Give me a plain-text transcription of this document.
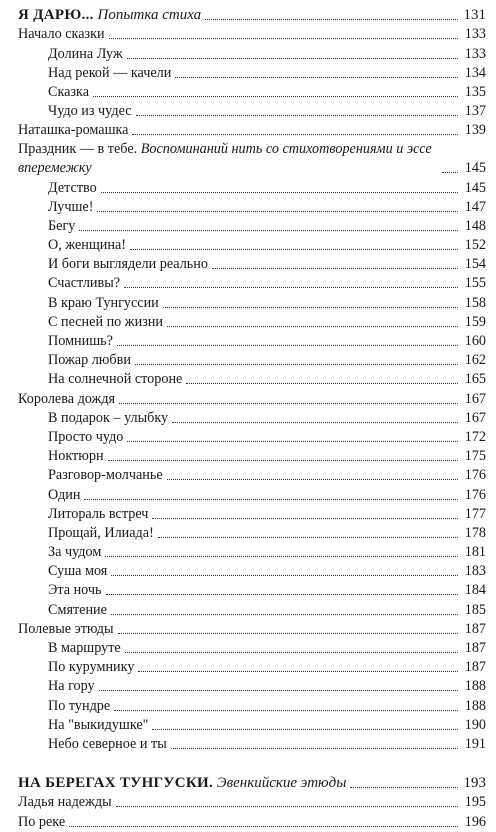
Я ДАРЮ... Попытка стиха	131
Начало сказки	133
Долина Луж	133
Над рекой — качели	134
Сказка	135
Чудо из чудес	137
Наташка-ромашка	139
Праздник — в тебе. Воспоминаний нить со стихотворениями и эссе вперемежку	145
Детство	145
Лучше!	147
Бегу	148
О, женщина!	152
И боги выглядели реально	154
Счастливы?	155
В краю Тунгуссии	158
С песней по жизни	159
Помнишь?	160
Пожар любви	162
На солнечной стороне	165
Королева дождя	167
В подарок – улыбку	167
Просто чудо	172
Ноктюрн	175
Разговор-молчанье	176
Один	176
Литораль встреч	177
Прощай, Илиада!	178
За чудом	181
Суша моя	183
Эта ночь	184
Смятение	185
Полевые этюды	187
В маршруте	187
По курумнику	187
На гору	188
По тундре	188
На "выкидушке"	190
Небо северное и ты	191
НА БЕРЕГАХ ТУНГУСКИ. Эвенкийские этюды	193
Ладья надежды	195
По реке	196
